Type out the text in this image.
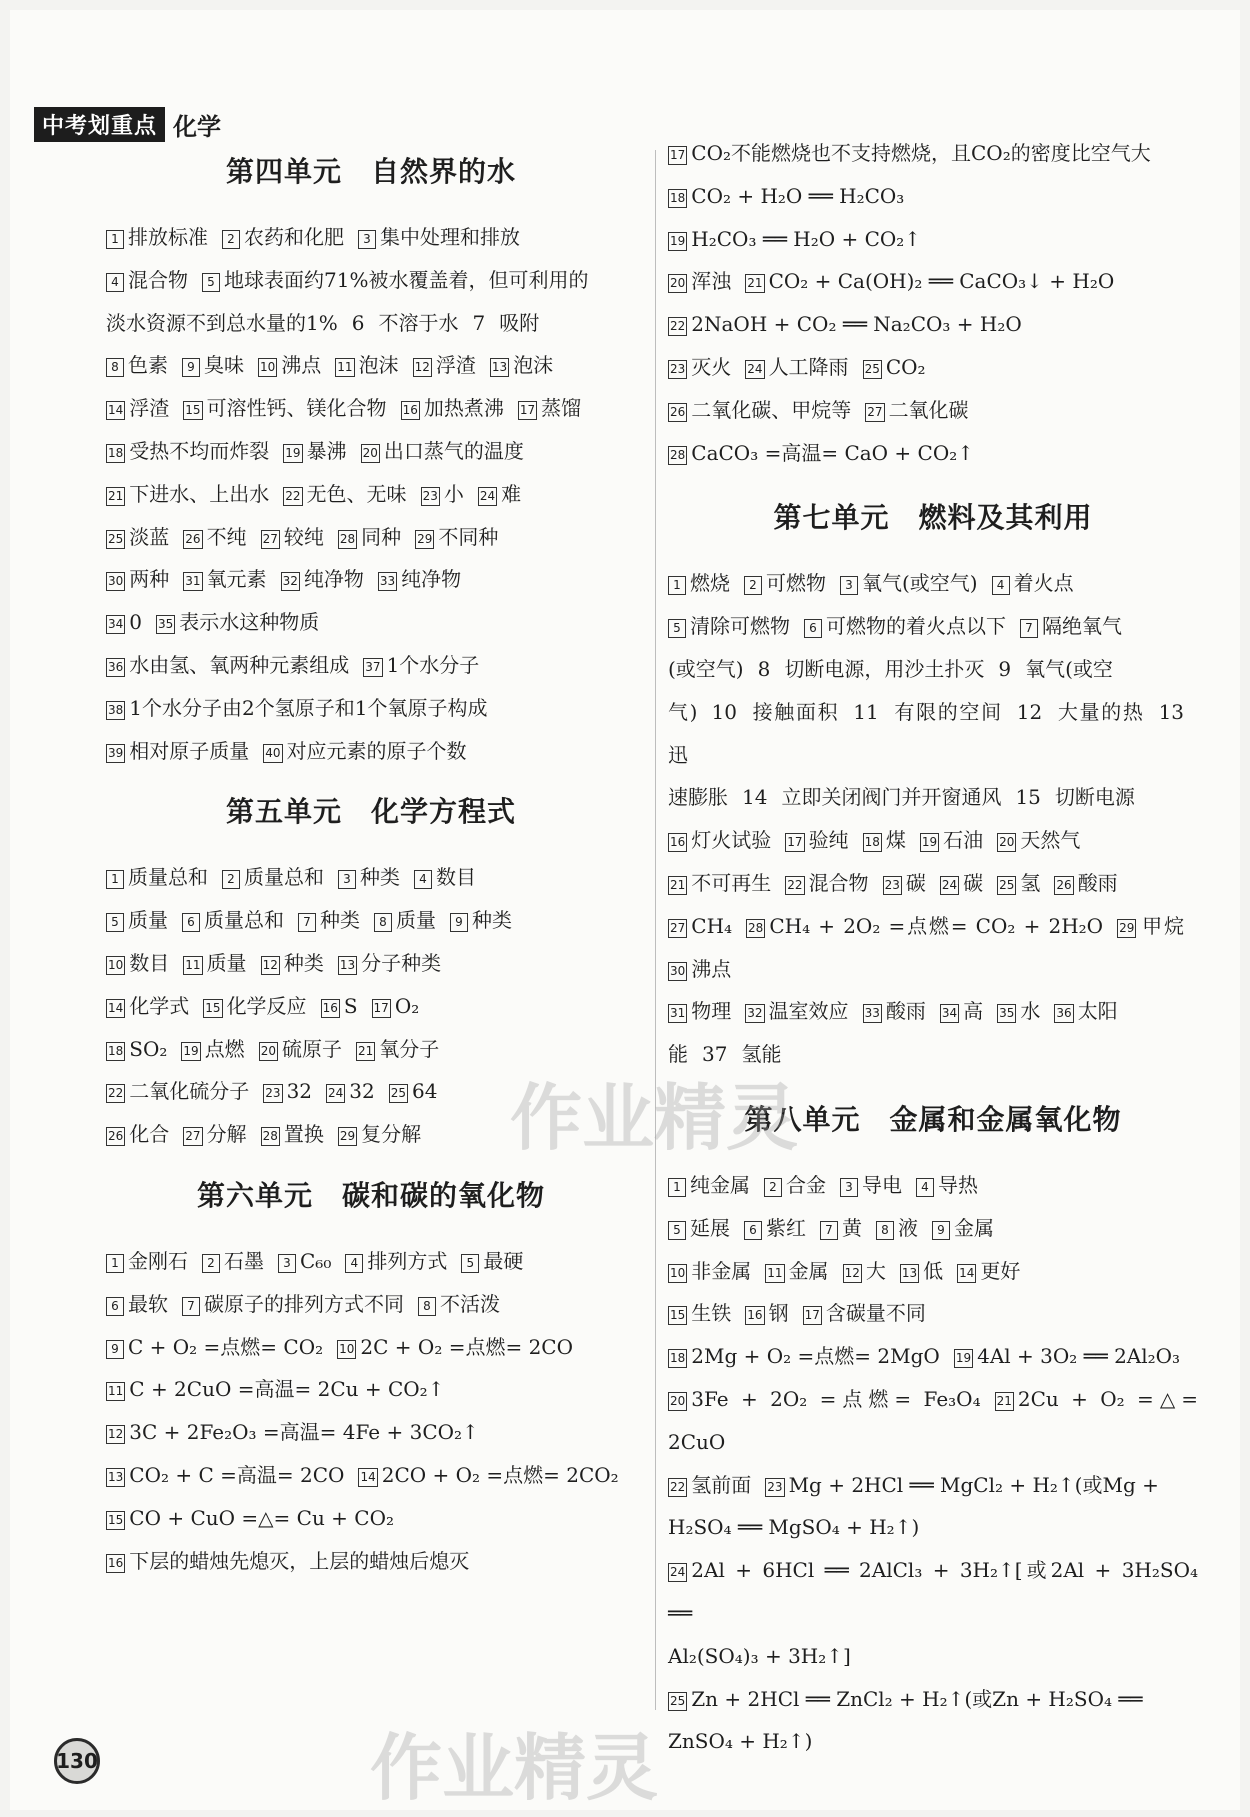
中考划重点 化学
第四单元　自然界的水
1 排放标准 2 农药和化肥 3 集中处理和排放
4 混合物 5 地球表面约71%被水覆盖着，但可利用的
淡水资源不到总水量的1% 6 不溶于水 7 吸附
8 色素 9 臭味 10 沸点 11 泡沫 12 浮渣 13 泡沫
14 浮渣 15 可溶性钙、镁化合物 16 加热煮沸 17 蒸馏
18 受热不均而炸裂 19 暴沸 20 出口蒸气的温度
21 下进水、上出水 22 无色、无味 23 小 24 难
25 淡蓝 26 不纯 27 较纯 28 同种 29 不同种
30 两种 31 氧元素 32 纯净物 33 纯净物
34 0 35 表示水这种物质
36 水由氢、氧两种元素组成 37 1个水分子
38 1个水分子由2个氢原子和1个氧原子构成
39 相对原子质量 40 对应元素的原子个数
第五单元　化学方程式
1 质量总和 2 质量总和 3 种类 4 数目
5 质量 6 质量总和 7 种类 8 质量 9 种类
10 数目 11 质量 12 种类 13 分子种类
14 化学式 15 化学反应 16 S 17 O₂
18 SO₂ 19 点燃 20 硫原子 21 氧分子
22 二氧化硫分子 23 32 24 32 25 64
26 化合 27 分解 28 置换 29 复分解
第六单元　碳和碳的氧化物
1 金刚石 2 石墨 3 C₆₀ 4 排列方式 5 最硬
6 最软 7 碳原子的排列方式不同 8 不活泼
9 C + O₂ =点燃= CO₂ 10 2C + O₂ =点燃= 2CO
11 C + 2CuO =高温= 2Cu + CO₂↑
12 3C + 2Fe₂O₃ =高温= 4Fe + 3CO₂↑
13 CO₂ + C =高温= 2CO 14 2CO + O₂ =点燃= 2CO₂
15 CO + CuO =△= Cu + CO₂
16 下层的蜡烛先熄灭，上层的蜡烛后熄灭
17 CO₂不能燃烧也不支持燃烧，且CO₂的密度比空气大
18 CO₂ + H₂O ══ H₂CO₃
19 H₂CO₃ ══ H₂O + CO₂↑
20 浑浊 21 CO₂ + Ca(OH)₂ ══ CaCO₃↓ + H₂O
22 2NaOH + CO₂ ══ Na₂CO₃ + H₂O
23 灭火 24 人工降雨 25 CO₂
26 二氧化碳、甲烷等 27 二氧化碳
28 CaCO₃ =高温= CaO + CO₂↑
第七单元　燃料及其利用
1 燃烧 2 可燃物 3 氧气(或空气) 4 着火点
5 清除可燃物 6 可燃物的着火点以下 7 隔绝氧气
(或空气) 8 切断电源，用沙土扑灭 9 氧气(或空
气) 10 接触面积 11 有限的空间 12 大量的热 13迅
速膨胀 14 立即关闭阀门并开窗通风 15 切断电源
16 灯火试验 17 验纯 18 煤 19 石油 20 天然气
21 不可再生 22 混合物 23 碳 24 碳 25 氢 26 酸雨
27 CH₄ 28 CH₄ + 2O₂ =点燃= CO₂ + 2H₂O 29 甲烷30 沸点
31 物理 32 温室效应 33 酸雨 34 高 35 水 36 太阳
能 37 氢能
第八单元　金属和金属氧化物
1 纯金属 2 合金 3 导电 4 导热
5 延展 6 紫红 7 黄 8 液 9 金属
10 非金属 11 金属 12 大 13 低 14 更好
15 生铁 16 钢 17 含碳量不同
18 2Mg + O₂ =点燃= 2MgO 19 4Al + 3O₂ ══ 2Al₂O₃
20 3Fe + 2O₂ =点燃= Fe₃O₄ 21 2Cu + O₂ =△= 2CuO
22 氢前面 23 Mg + 2HCl ══ MgCl₂ + H₂↑(或Mg +
H₂SO₄ ══ MgSO₄ + H₂↑)
24 2Al + 6HCl ══ 2AlCl₃ + 3H₂↑[或2Al + 3H₂SO₄ ══
Al₂(SO₄)₃ + 3H₂↑]
25 Zn + 2HCl ══ ZnCl₂ + H₂↑(或Zn + H₂SO₄ ══
ZnSO₄ + H₂↑)
130
作业精灵
作业精灵
